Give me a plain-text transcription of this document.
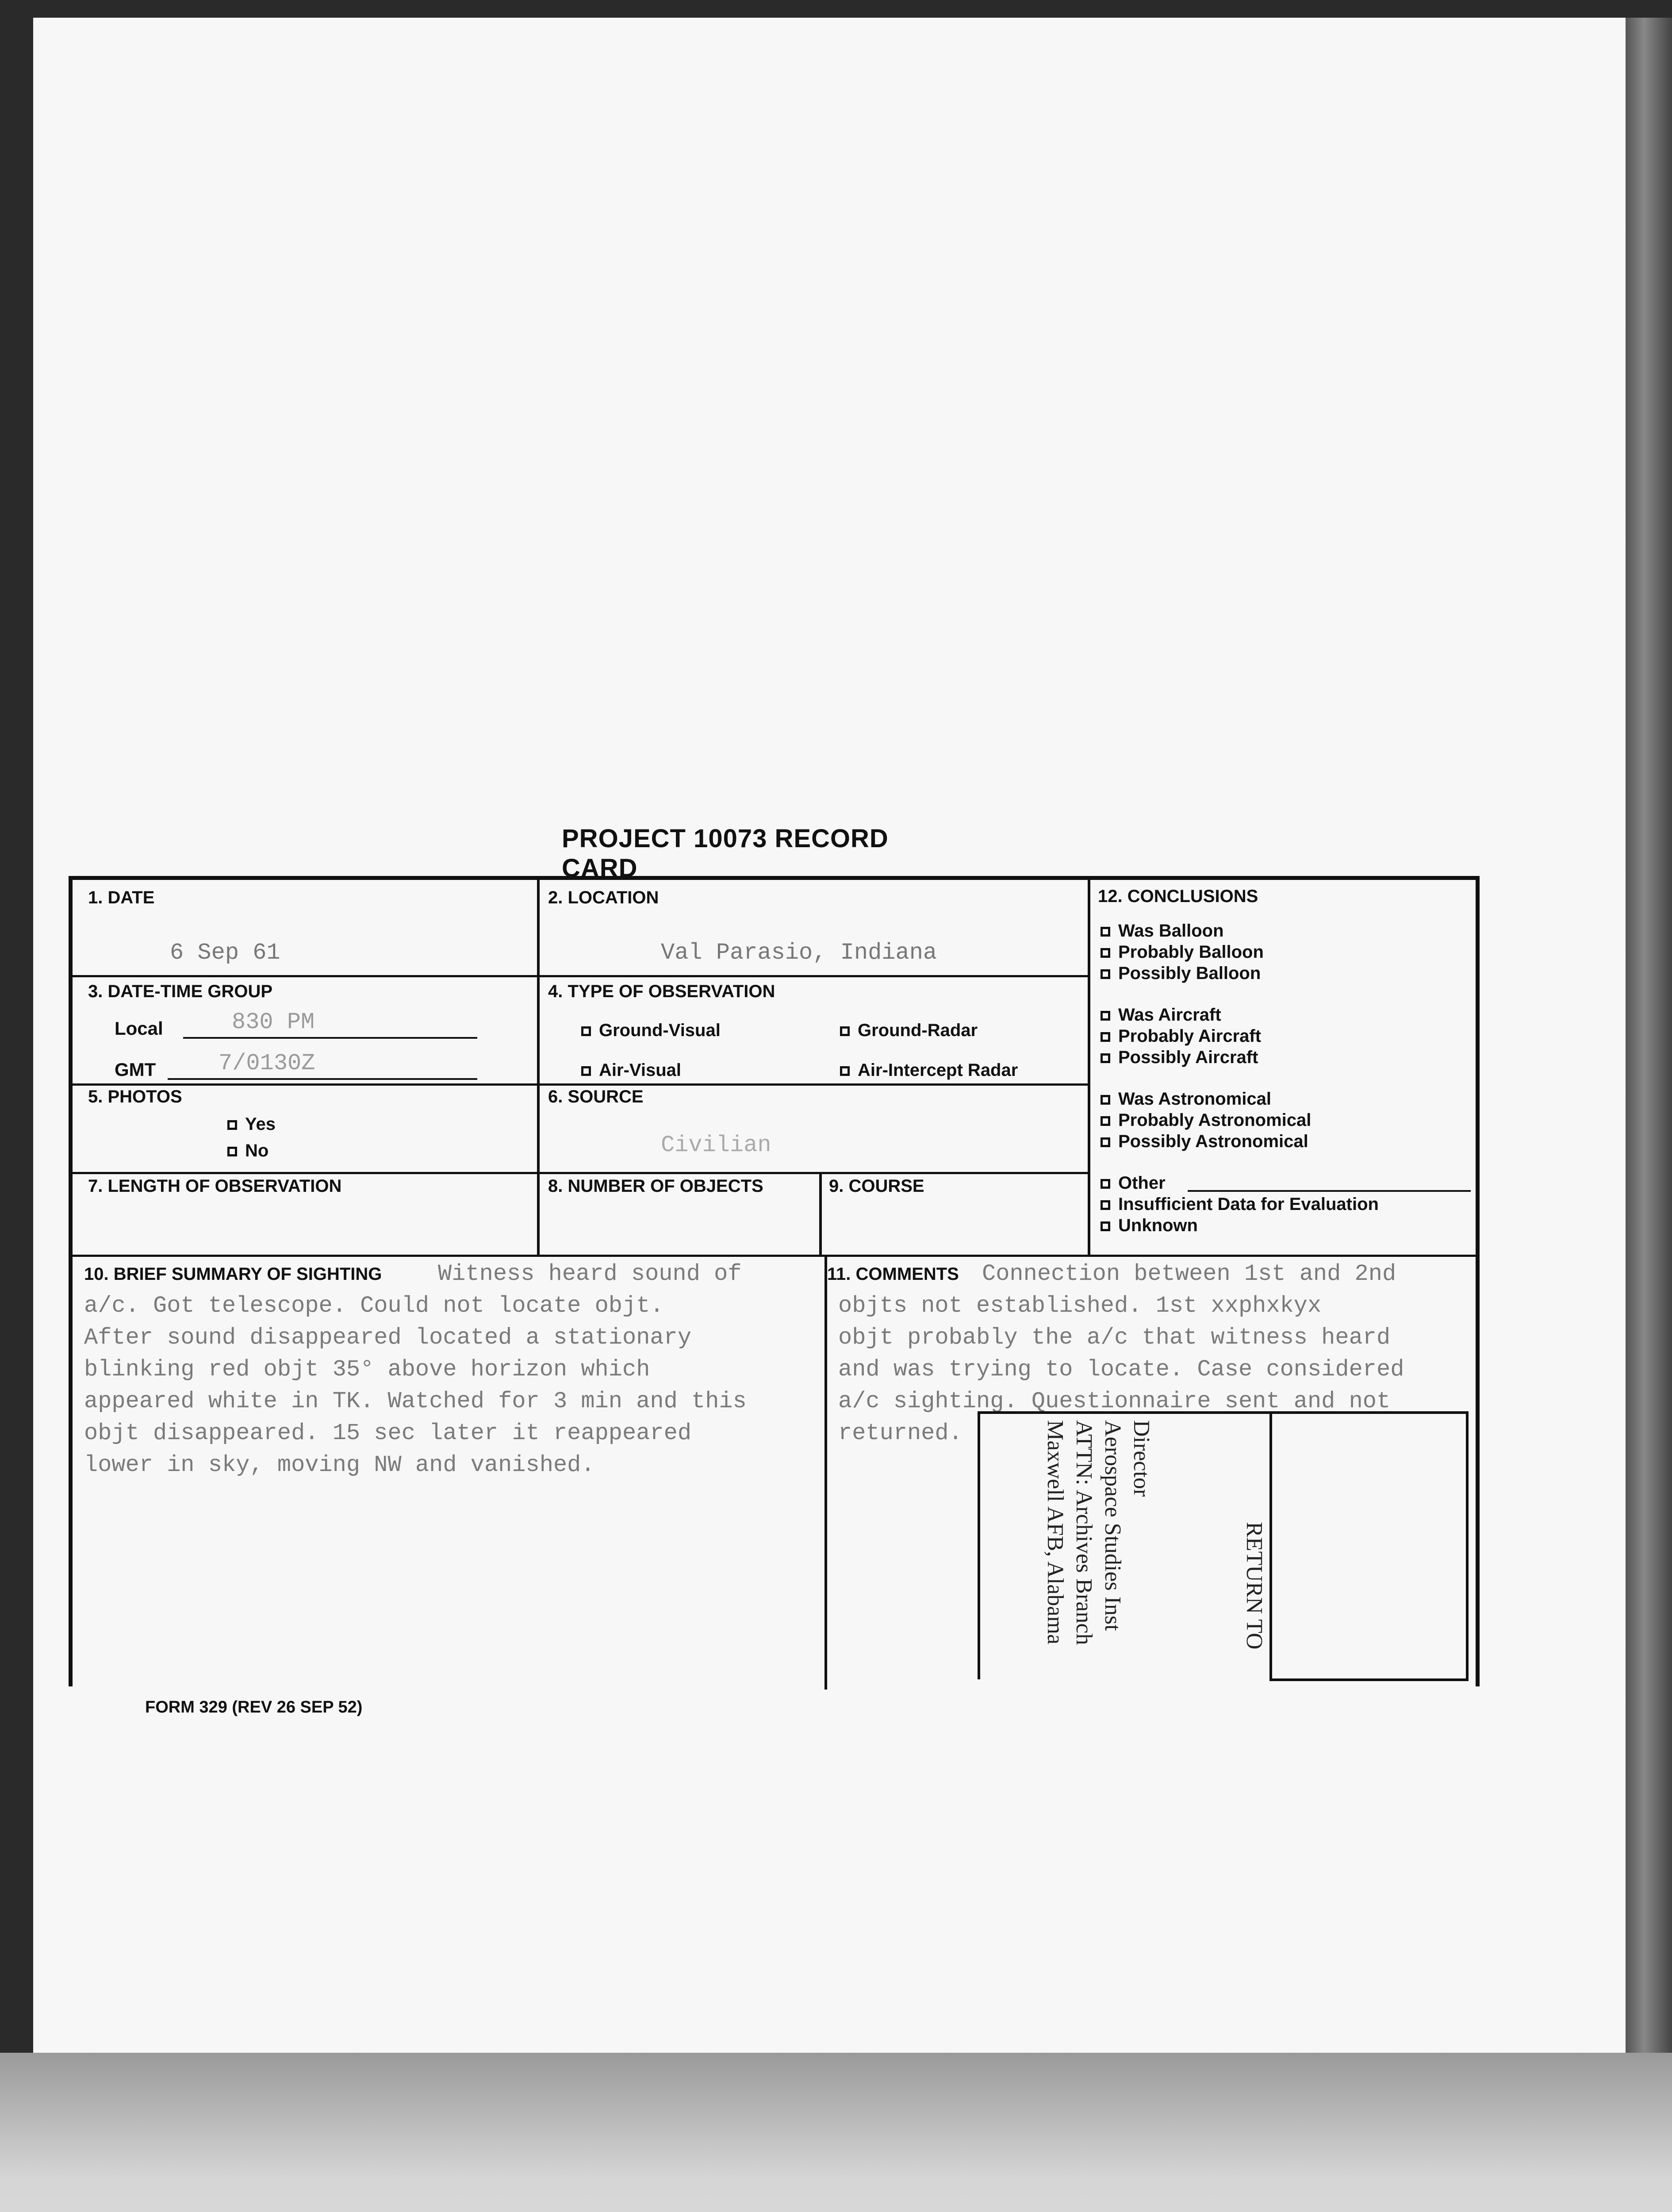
PROJECT 10073 RECORD CARD
1. DATE
6 Sep 61
2. LOCATION
Val Parasio, Indiana
3. DATE-TIME GROUP
Local	830 PM
GMT	7/0130Z
4. TYPE OF OBSERVATION
Ground-Visual	Ground-Radar
Air-Visual	Air-Intercept Radar
5. PHOTOS
Yes
No
6. SOURCE
Civilian
7. LENGTH OF OBSERVATION	8. NUMBER OF OBJECTS	9. COURSE
12. CONCLUSIONS
Was Balloon
Probably Balloon
Possibly Balloon
Was Aircraft
Probably Aircraft
Possibly Aircraft
Was Astronomical
Probably Astronomical
Possibly Astronomical
Other
Insufficient Data for Evaluation
Unknown
10. BRIEF SUMMARY OF SIGHTING Witness heard sound of
a/c. Got telescope. Could not locate objt.
After sound disappeared located a stationary
blinking red objt 35° above horizon which
appeared white in TK. Watched for 3 min and this
objt disappeared. 15 sec later it reappeared
lower in sky, moving NW and vanished.
11. COMMENTS Connection between 1st and 2nd
objts not established. 1st xxphxkyx
objt probably the a/c that witness heard
and was trying to locate. Case considered
a/c sighting. Questionnaire sent and not
returned.
RETURN TO
Director
Aerospace Studies Inst
ATTN: Archives Branch
Maxwell AFB, Alabama
FORM 329 (REV 26 SEP 52)
